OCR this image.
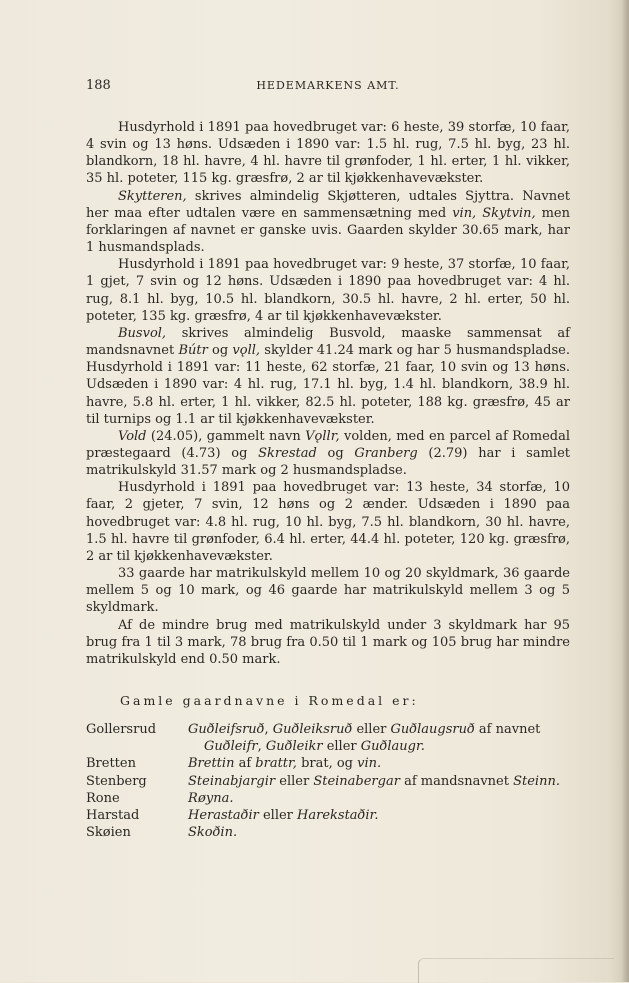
188	HEDEMARKENS AMT.

Husdyrhold i 1891 paa hovedbruget var: 6 heste, 39 storfæ, 10 faar, 4 svin og 13 høns. Udsæden i 1890 var: 1.5 hl. rug, 7.5 hl. byg, 23 hl. blandkorn, 18 hl. havre, 4 hl. havre til grønfoder, 1 hl. erter, 1 hl. vikker, 35 hl. poteter, 115 kg. græsfrø, 2 ar til kjøkkenhavevækster.

Skytteren, skrives almindelig Skjøtteren, udtales Sjyttra. Navnet her maa efter udtalen være en sammensætning med vin, Skytvin, men forklaringen af navnet er ganske uvis. Gaarden skylder 30.65 mark, har 1 husmandsplads.

Husdyrhold i 1891 paa hovedbruget var: 9 heste, 37 storfæ, 10 faar, 1 gjet, 7 svin og 12 høns. Udsæden i 1890 paa hovedbruget var: 4 hl. rug, 8.1 hl. byg, 10.5 hl. blandkorn, 30.5 hl. havre, 2 hl. erter, 50 hl. poteter, 135 kg. græsfrø, 4 ar til kjøkkenhavevækster.

Busvol, skrives almindelig Busvold, maaske sammensat af mandsnavnet Bútr og vǫll, skylder 41.24 mark og har 5 husmandspladse. Husdyrhold i 1891 var: 11 heste, 62 storfæ, 21 faar, 10 svin og 13 høns. Udsæden i 1890 var: 4 hl. rug, 17.1 hl. byg, 1.4 hl. blandkorn, 38.9 hl. havre, 5.8 hl. erter, 1 hl. vikker, 82.5 hl. poteter, 188 kg. græsfrø, 45 ar til turnips og 1.1 ar til kjøkkenhavevækster.

Vold (24.05), gammelt navn Vǫllr, volden, med en parcel af Romedal præstegaard (4.73) og Skrestad og Granberg (2.79) har i samlet matrikulskyld 31.57 mark og 2 husmandspladse.

Husdyrhold i 1891 paa hovedbruget var: 13 heste, 34 storfæ, 10 faar, 2 gjeter, 7 svin, 12 høns og 2 ænder. Udsæden i 1890 paa hovedbruget var: 4.8 hl. rug, 10 hl. byg, 7.5 hl. blandkorn, 30 hl. havre, 1.5 hl. havre til grønfoder, 6.4 hl. erter, 44.4 hl. poteter, 120 kg. græsfrø, 2 ar til kjøkkenhavevækster.

33 gaarde har matrikulskyld mellem 10 og 20 skyldmark, 36 gaarde mellem 5 og 10 mark, og 46 gaarde har matrikulskyld mellem 3 og 5 skyldmark.

Af de mindre brug med matrikulskyld under 3 skyldmark har 95 brug fra 1 til 3 mark, 78 brug fra 0.50 til 1 mark og 105 brug har mindre matrikulskyld end 0.50 mark.

Gamle gaardnavne i Romedal er:
Gollersrud	Guðleifsruð, Guðleiksruð eller Guðlaugsruð af navnet
Guðleifr, Guðleikr eller Guðlaugr.
Bretten	Brettin af brattr, brat, og vin.
Stenberg	Steinabjargir eller Steinabergar af mandsnavnet Steinn.
Rone	Røyna.
Harstad	Herastaðir eller Harekstaðir.
Skøien	Skoðin.
